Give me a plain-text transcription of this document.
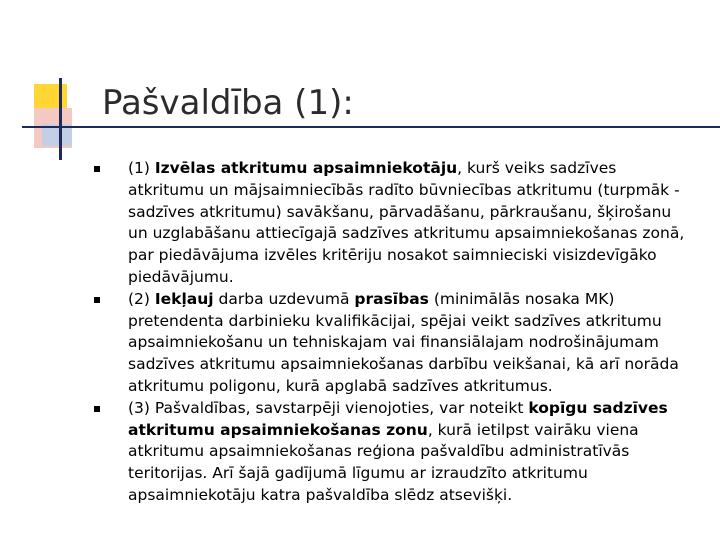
Pašvaldība (1):
(1) Izvēlas atkritumu apsaimniekotāju, kurš veiks sadzīves atkritumu un mājsaimniecībās radīto būvniecības atkritumu (turpmāk - sadzīves atkritumu) savākšanu, pārvadāšanu, pārkraušanu, šķirošanu un uzglabāšanu attiecīgajā sadzīves atkritumu apsaimniekošanas zonā, par piedāvājuma izvēles kritēriju nosakot saimnieciski visizdevīgāko piedāvājumu.
(2) Iekļauj darba uzdevumā prasības (minimālās nosaka MK) pretendenta darbinieku kvalifikācijai, spējai veikt sadzīves atkritumu apsaimniekošanu un tehniskajam vai finansiālajam nodrošinājumam sadzīves atkritumu apsaimniekošanas darbību veikšanai, kā arī norāda atkritumu poligonu, kurā apglabā sadzīves atkritumus.
(3) Pašvaldības, savstarpēji vienojoties, var noteikt kopīgu sadzīves atkritumu apsaimniekošanas zonu, kurā ietilpst vairāku viena atkritumu apsaimniekošanas reģiona pašvaldību administratīvās teritorijas. Arī šajā gadījumā līgumu ar izraudzīto atkritumu apsaimniekotāju katra pašvaldība slēdz atsevišķi.
